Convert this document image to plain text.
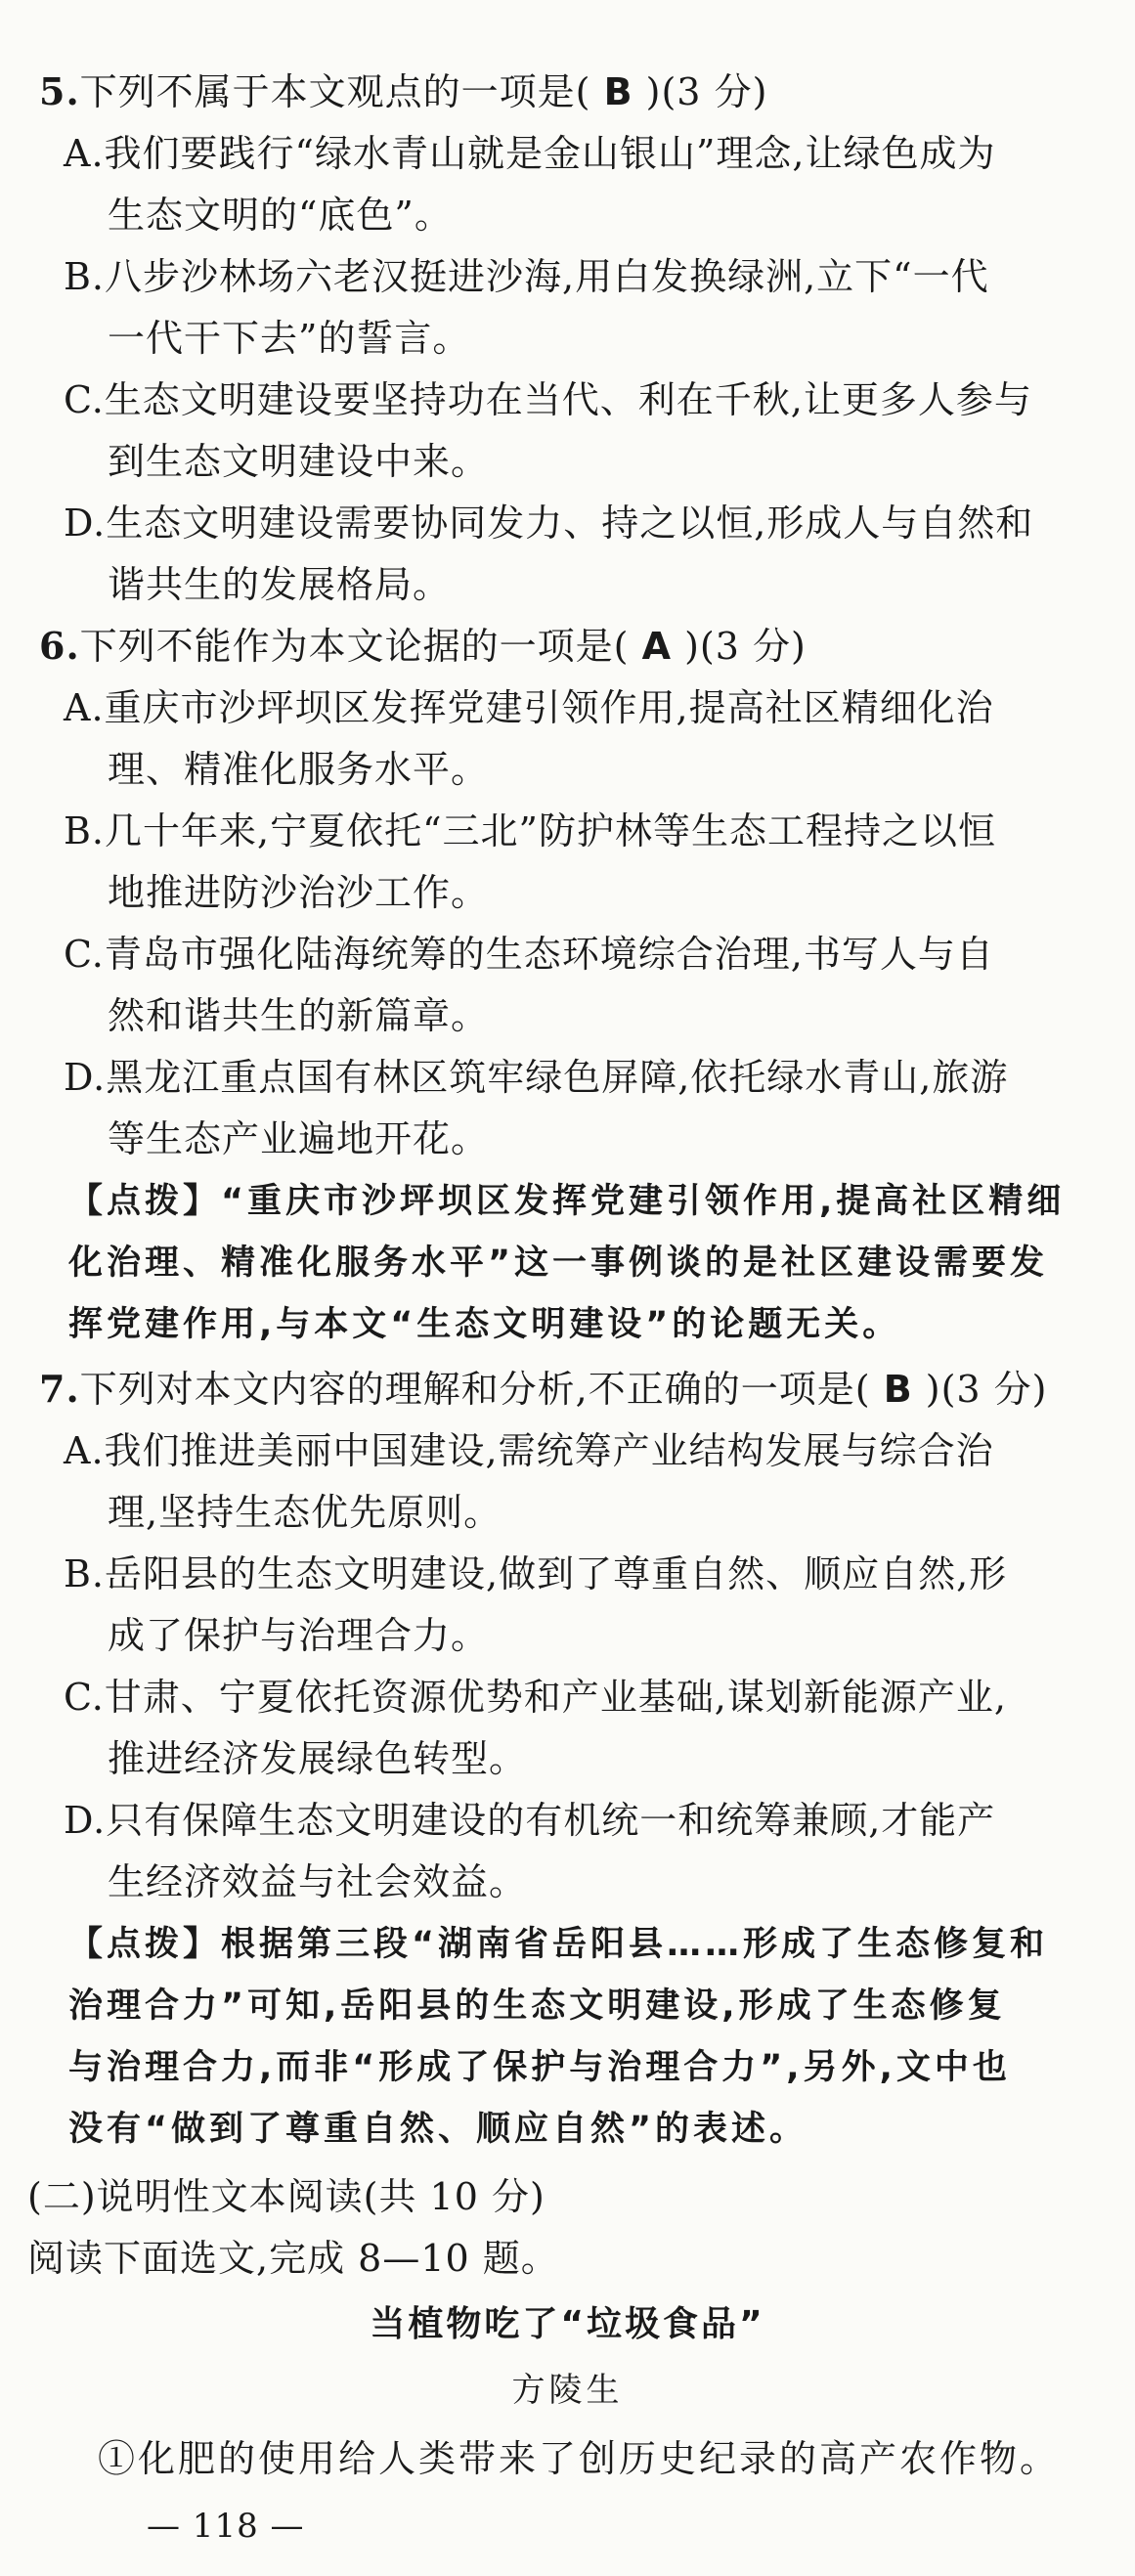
5.下列不属于本文观点的一项是( B )(3 分)
A.我们要践行“绿水青山就是金山银山”理念,让绿色成为
生态文明的“底色”。
B.八步沙林场六老汉挺进沙海,用白发换绿洲,立下“一代
一代干下去”的誓言。
C.生态文明建设要坚持功在当代、利在千秋,让更多人参与
到生态文明建设中来。
D.生态文明建设需要协同发力、持之以恒,形成人与自然和
谐共生的发展格局。
6.下列不能作为本文论据的一项是( A )(3 分)
A.重庆市沙坪坝区发挥党建引领作用,提高社区精细化治
理、精准化服务水平。
B.几十年来,宁夏依托“三北”防护林等生态工程持之以恒
地推进防沙治沙工作。
C.青岛市强化陆海统筹的生态环境综合治理,书写人与自
然和谐共生的新篇章。
D.黑龙江重点国有林区筑牢绿色屏障,依托绿水青山,旅游
等生态产业遍地开花。
【点拨】“重庆市沙坪坝区发挥党建引领作用,提高社区精细
化治理、精准化服务水平”这一事例谈的是社区建设需要发
挥党建作用,与本文“生态文明建设”的论题无关。
7.下列对本文内容的理解和分析,不正确的一项是( B )(3 分)
A.我们推进美丽中国建设,需统筹产业结构发展与综合治
理,坚持生态优先原则。
B.岳阳县的生态文明建设,做到了尊重自然、顺应自然,形
成了保护与治理合力。
C.甘肃、宁夏依托资源优势和产业基础,谋划新能源产业,
推进经济发展绿色转型。
D.只有保障生态文明建设的有机统一和统筹兼顾,才能产
生经济效益与社会效益。
【点拨】根据第三段“湖南省岳阳县……形成了生态修复和
治理合力”可知,岳阳县的生态文明建设,形成了生态修复
与治理合力,而非“形成了保护与治理合力”,另外,文中也
没有“做到了尊重自然、顺应自然”的表述。
(二)说明性文本阅读(共 10 分)
阅读下面选文,完成 8—10 题。
当植物吃了“垃圾食品”
方陵生
①化肥的使用给人类带来了创历史纪录的高产农作物。
— 118 —
